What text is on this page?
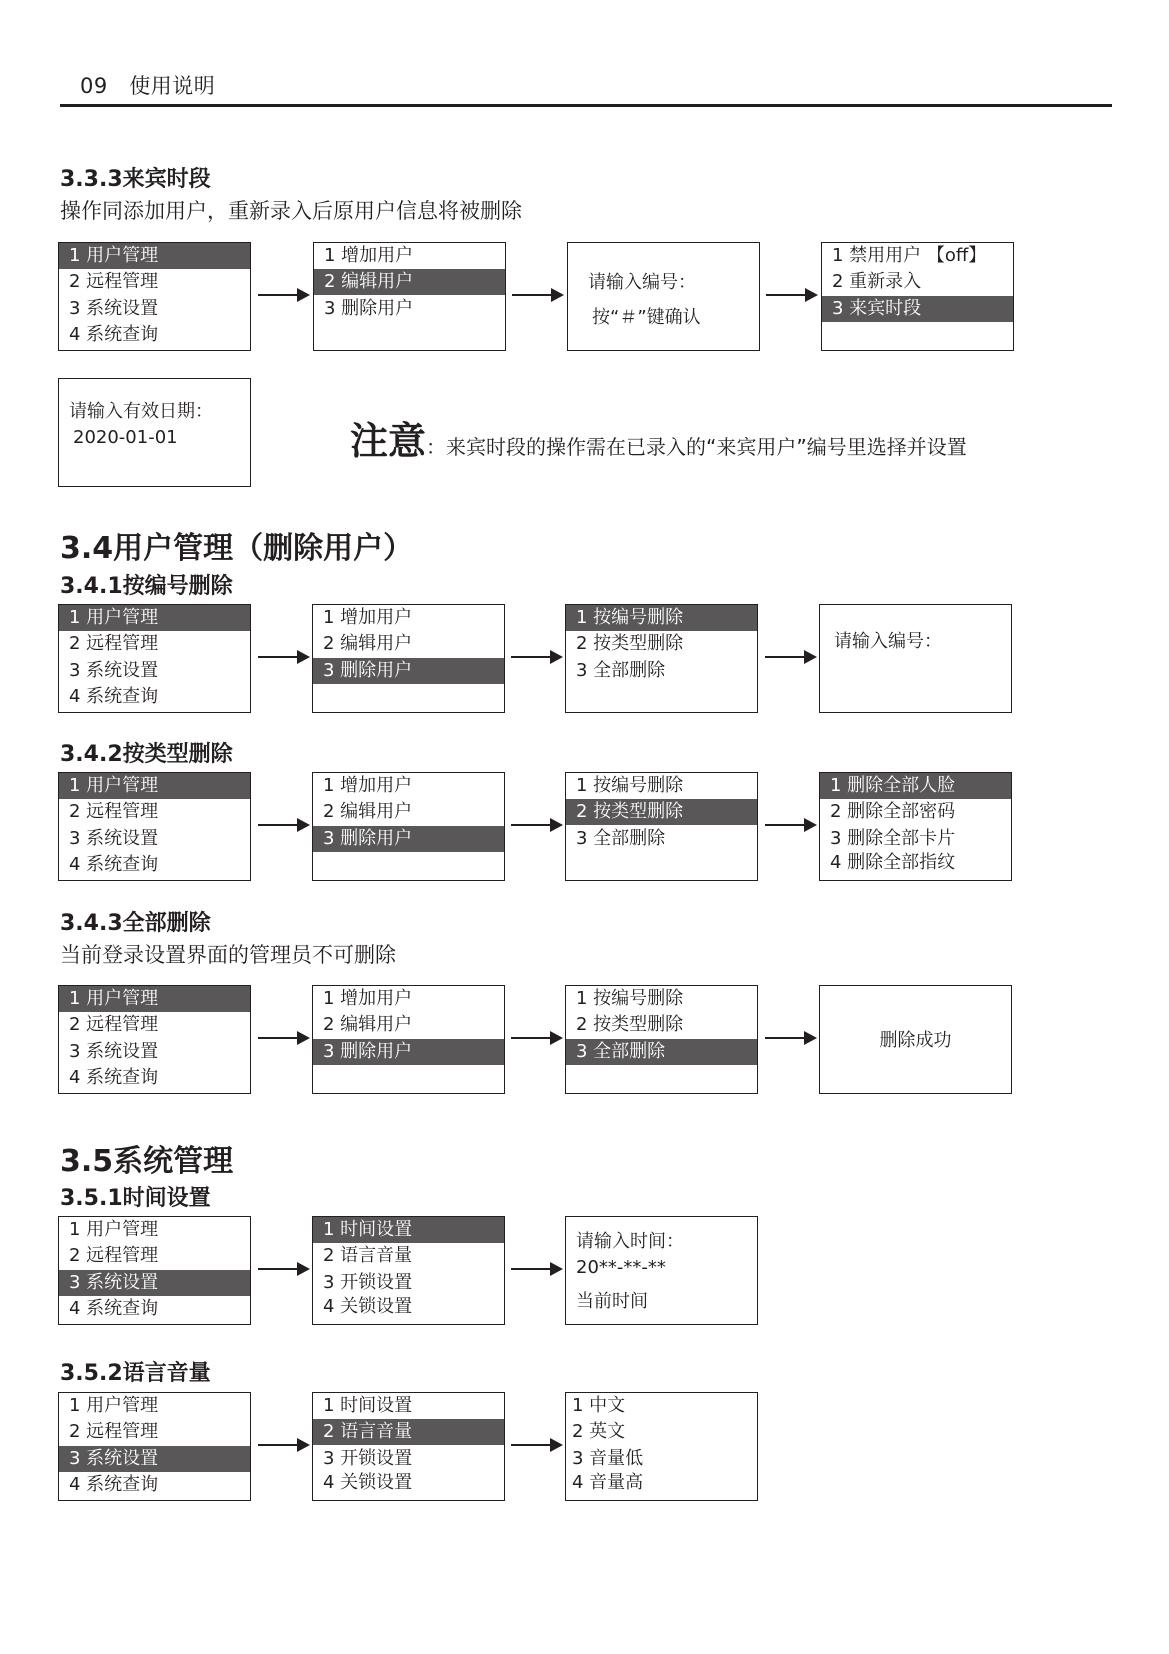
09 使用说明
3.3.3来宾时段
操作同添加用户，重新录入后原用户信息将被删除
1 用户管理
2 远程管理
3 系统设置
4 系统查询
1 增加用户
2 编辑用户
3 删除用户
请输入编号：
按“＃”键确认
1 禁用用户 【off】
2 重新录入
3 来宾时段
请输入有效日期：
2020-01-01	注意：来宾时段的操作需在已录入的“来宾用户”编号里选择并设置
3.4用户管理（删除用户）
3.4.1按编号删除
1 用户管理
2 远程管理
3 系统设置
4 系统查询
1 增加用户
2 编辑用户
3 删除用户
1 按编号删除
2 按类型删除
3 全部删除
请输入编号：
3.4.2按类型删除
1 用户管理
2 远程管理
3 系统设置
4 系统查询
1 增加用户
2 编辑用户
3 删除用户
1 按编号删除
2 按类型删除
3 全部删除
1 删除全部人脸
2 删除全部密码
3 删除全部卡片
4 删除全部指纹
3.4.3全部删除
当前登录设置界面的管理员不可删除
1 用户管理
2 远程管理
3 系统设置
4 系统查询
1 增加用户
2 编辑用户
3 删除用户
1 按编号删除
2 按类型删除
3 全部删除
删除成功
3.5系统管理
3.5.1时间设置
1 用户管理
2 远程管理
3 系统设置
4 系统查询
1 时间设置
2 语言音量
3 开锁设置
4 关锁设置
请输入时间：
20**-**-**
当前时间
3.5.2语言音量
1 用户管理
2 远程管理
3 系统设置
4 系统查询
1 时间设置
2 语言音量
3 开锁设置
4 关锁设置
1 中文
2 英文
3 音量低
4 音量高
